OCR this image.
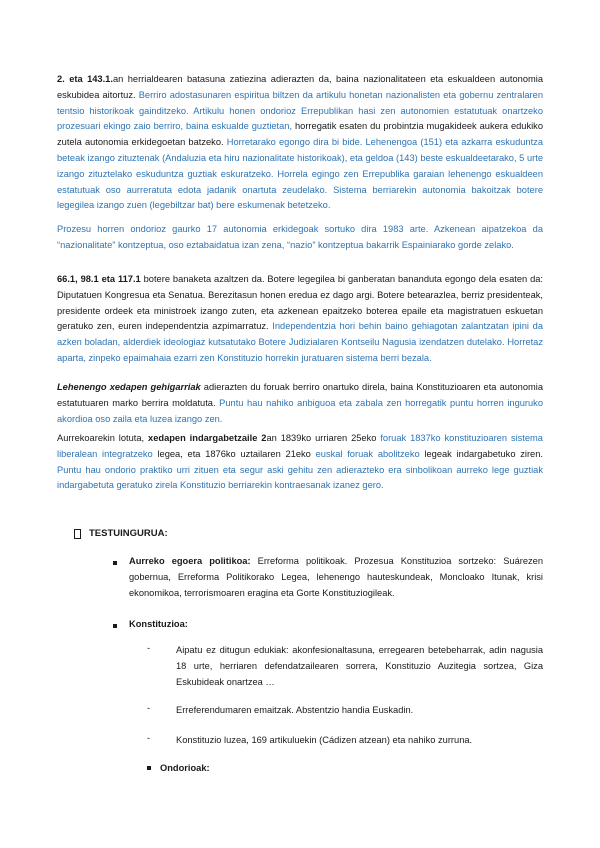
2. eta 143.1.an herrialdearen batasuna zatiezina adierazten da, baina nazionalitateen eta eskualdeen autonomia eskubidea aitortuz. Berriro adostasunaren espiritua biltzen da artikulu honetan nazionalisten eta gobernu zentralaren tentsio historikoak gainditzeko. Artikulu honen ondorioz Errepublikan hasi zen autonomien estatutuak onartzeko prozesuari ekingo zaio berriro, baina eskualde guztietan, horregatik esaten du probintzia mugakideek aukera edukiko zutela autonomia erkidegoetan batzeko. Horretarako egongo dira bi bide. Lehenengoa (151) eta azkarra eskuduntza beteak izango zituztenak (Andaluzia eta hiru nazionalitate historikoak), eta geldoa (143) beste eskualdeetarako, 5 urte izango zituztelako eskuduntza guztiak eskuratzeko. Horrela egingo zen Errepublika garaian lehenengo eskualdeen estatutuak oso aurreratuta edota jadanik onartuta zeudelako. Sistema berriarekin autonomia bakoitzak botere legegilea izango zuen (legebiltzar bat) bere eskumenak betetzeko.

Prozesu horren ondorioz gaurko 17 autonomia erkidegoak sortuko dira 1983 arte. Azkenean aipatzekoa da “nazionalitate” kontzeptua, oso eztabaidatua izan zena, “nazio” kontzeptua bakarrik Espainiarako gorde zelako.

66.1, 98.1 eta 117.1 botere banaketa azaltzen da. Botere legegilea bi ganberatan bananduta egongo dela esaten da: Diputatuen Kongresua eta Senatua. Berezitasun honen eredua ez dago argi. Botere betearazlea, berriz presidenteak, presidente ordeek eta ministroek izango zuten, eta azkenean epaitzeko boterea epaile eta magistratuen eskuetan geratuko zen, euren independentzia azpimarratuz. Independentzia hori behin baino gehiagotan zalantzatan ipini da azken boladan, alderdiek ideologiaz kutsatutako Botere Judizialaren Kontseilu Nagusia izendatzen dutelako. Horretaz aparta, zinpeko epaimahaia ezarri zen Konstituzio horrekin juratuaren sistema berri bezala.

Lehenengo xedapen gehigarriak adierazten du foruak berriro onartuko direla, baina Konstituzioaren eta autonomia estatutuaren marko berrira moldatuta. Puntu hau nahiko anbiguoa eta zabala zen horregatik puntu horren inguruko akordioa oso zaila eta luzea izango zen.

Aurrekoarekin lotuta, xedapen indargabetzaile 2an 1839ko urriaren 25eko foruak 1837ko konstituzioaren sistema liberalean integratzeko legea, eta 1876ko uztailaren 21eko euskal foruak abolitzeko legeak indargabetuko ziren. Puntu hau ondorio praktiko urri zituen eta segur aski gehitu zen adierazteko era sinbolikoan aurreko lege guztiak indargabetuta geratuko zirela Konstituzio berriarekin kontraesanak izanez gero.

TESTUINGURUA:

Aurreko egoera politikoa: Erreforma politikoak. Prozesua Konstituzioa sortzeko: Suárezen gobernua, Erreforma Politikorako Legea, lehenengo hauteskundeak, Moncloako Itunak, krisi ekonomikoa, terrorismoaren eragina eta Gorte Konstituziogileak.

Konstituzioa:

-	Aipatu ez ditugun edukiak: akonfesionaltasuna, erregearen betebeharrak, adin nagusia 18 urte, herriaren defendatzailearen sorrera, Konstituzio Auzitegia sortzea, Giza Eskubideak onartzea …

-	Erreferendumaren emaitzak. Abstentzio handia Euskadin.

-	Konstituzio luzea, 169 artikuluekin (Cádizen atzean) eta nahiko zurruna.

Ondorioak:
